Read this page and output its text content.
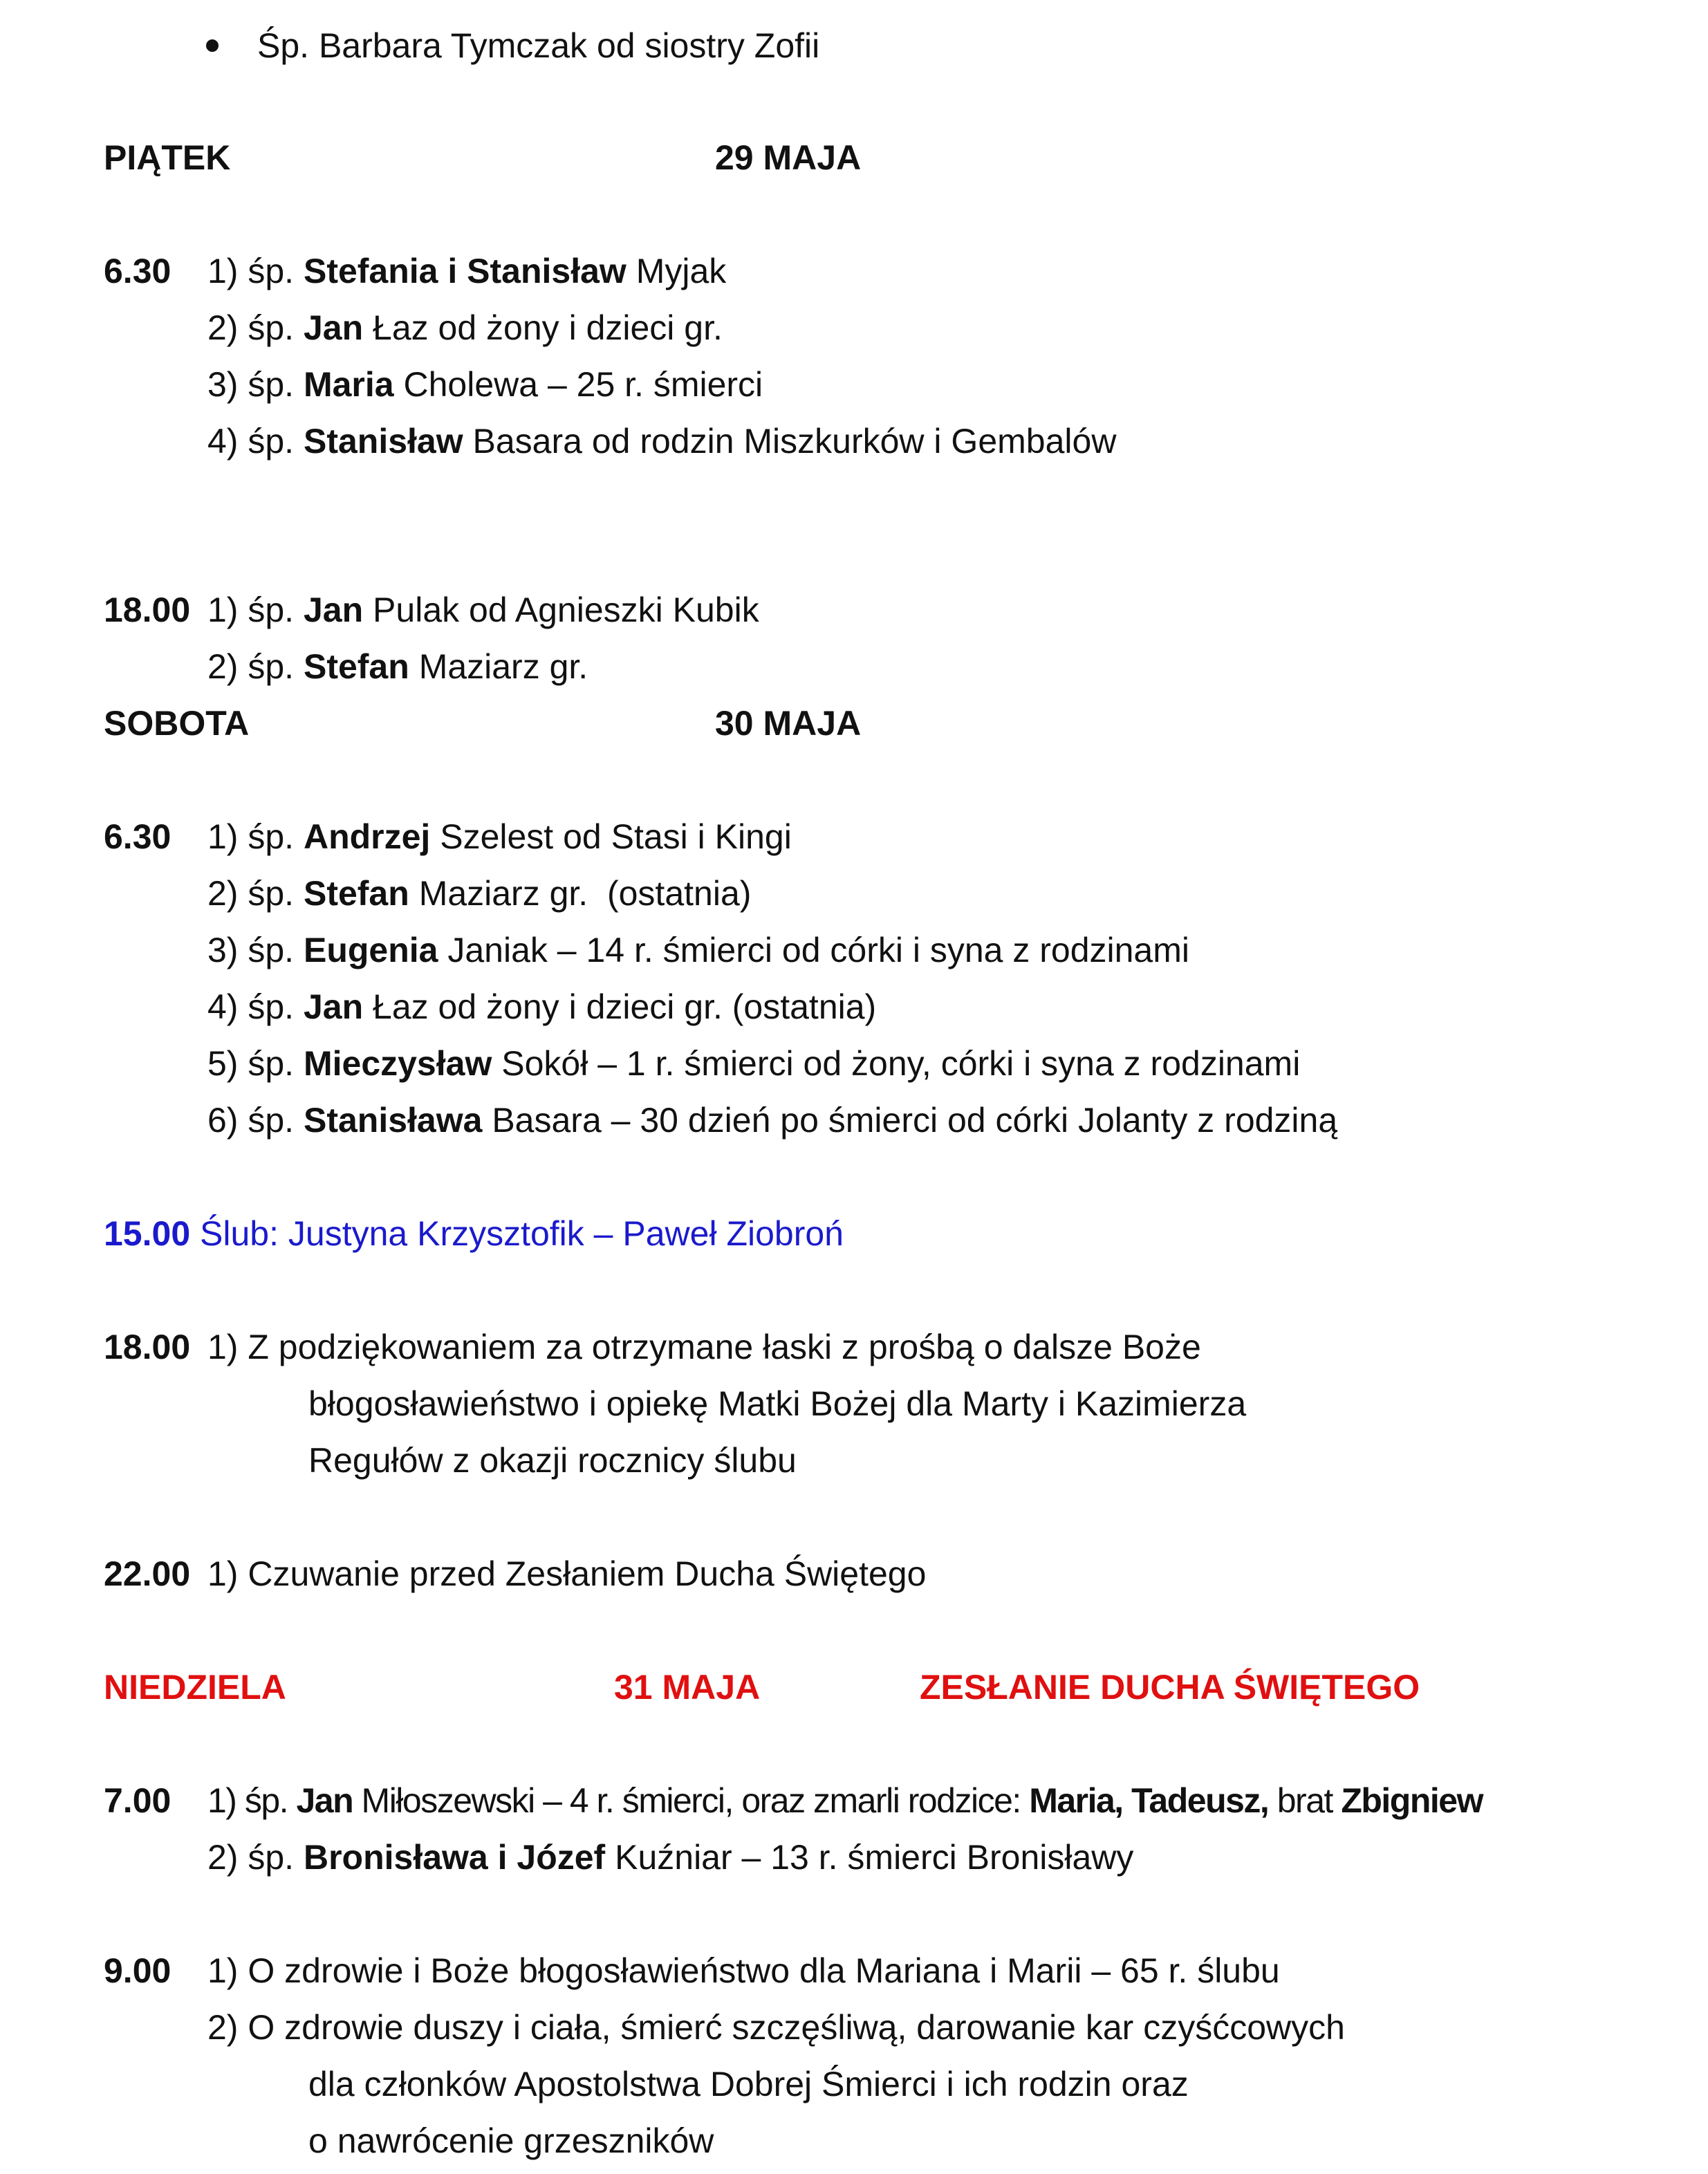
Śp. Barbara Tymczak od siostry Zofii
PIĄTEK	29 MAJA
6.30 1) śp. Stefania i Stanisław Myjak
2) śp. Jan Łaz od żony i dzieci gr.
3) śp. Maria Cholewa – 25 r. śmierci
4) śp. Stanisław Basara od rodzin Miszkurków i Gembalów
18.00 1) śp. Jan Pulak od Agnieszki Kubik
2) śp. Stefan Maziarz gr.
SOBOTA	30 MAJA
6.30 1) śp. Andrzej Szelest od Stasi i Kingi
2) śp. Stefan Maziarz gr.  (ostatnia)
3) śp. Eugenia Janiak – 14 r. śmierci od córki i syna z rodzinami
4) śp. Jan Łaz od żony i dzieci gr. (ostatnia)
5) śp. Mieczysław Sokół – 1 r. śmierci od żony, córki i syna z rodzinami
6) śp. Stanisława Basara – 30 dzień po śmierci od córki Jolanty z rodziną
15.00 Ślub: Justyna Krzysztofik – Paweł Ziobroń
18.00 1) Z podziękowaniem za otrzymane łaski z prośbą o dalsze Boże
błogosławieństwo i opiekę Matki Bożej dla Marty i Kazimierza
Regułów z okazji rocznicy ślubu
22.00 1) Czuwanie przed Zesłaniem Ducha Świętego
NIEDZIELA	31 MAJA	ZESŁANIE DUCHA ŚWIĘTEGO
7.00 1) śp. Jan Miłoszewski – 4 r. śmierci, oraz zmarli rodzice: Maria, Tadeusz, brat Zbigniew
2) śp. Bronisława i Józef Kuźniar – 13 r. śmierci Bronisławy
9.00 1) O zdrowie i Boże błogosławieństwo dla Mariana i Marii – 65 r. ślubu
2) O zdrowie duszy i ciała, śmierć szczęśliwą, darowanie kar czyśćcowych
dla członków Apostolstwa Dobrej Śmierci i ich rodzin oraz
o nawrócenie grzeszników
